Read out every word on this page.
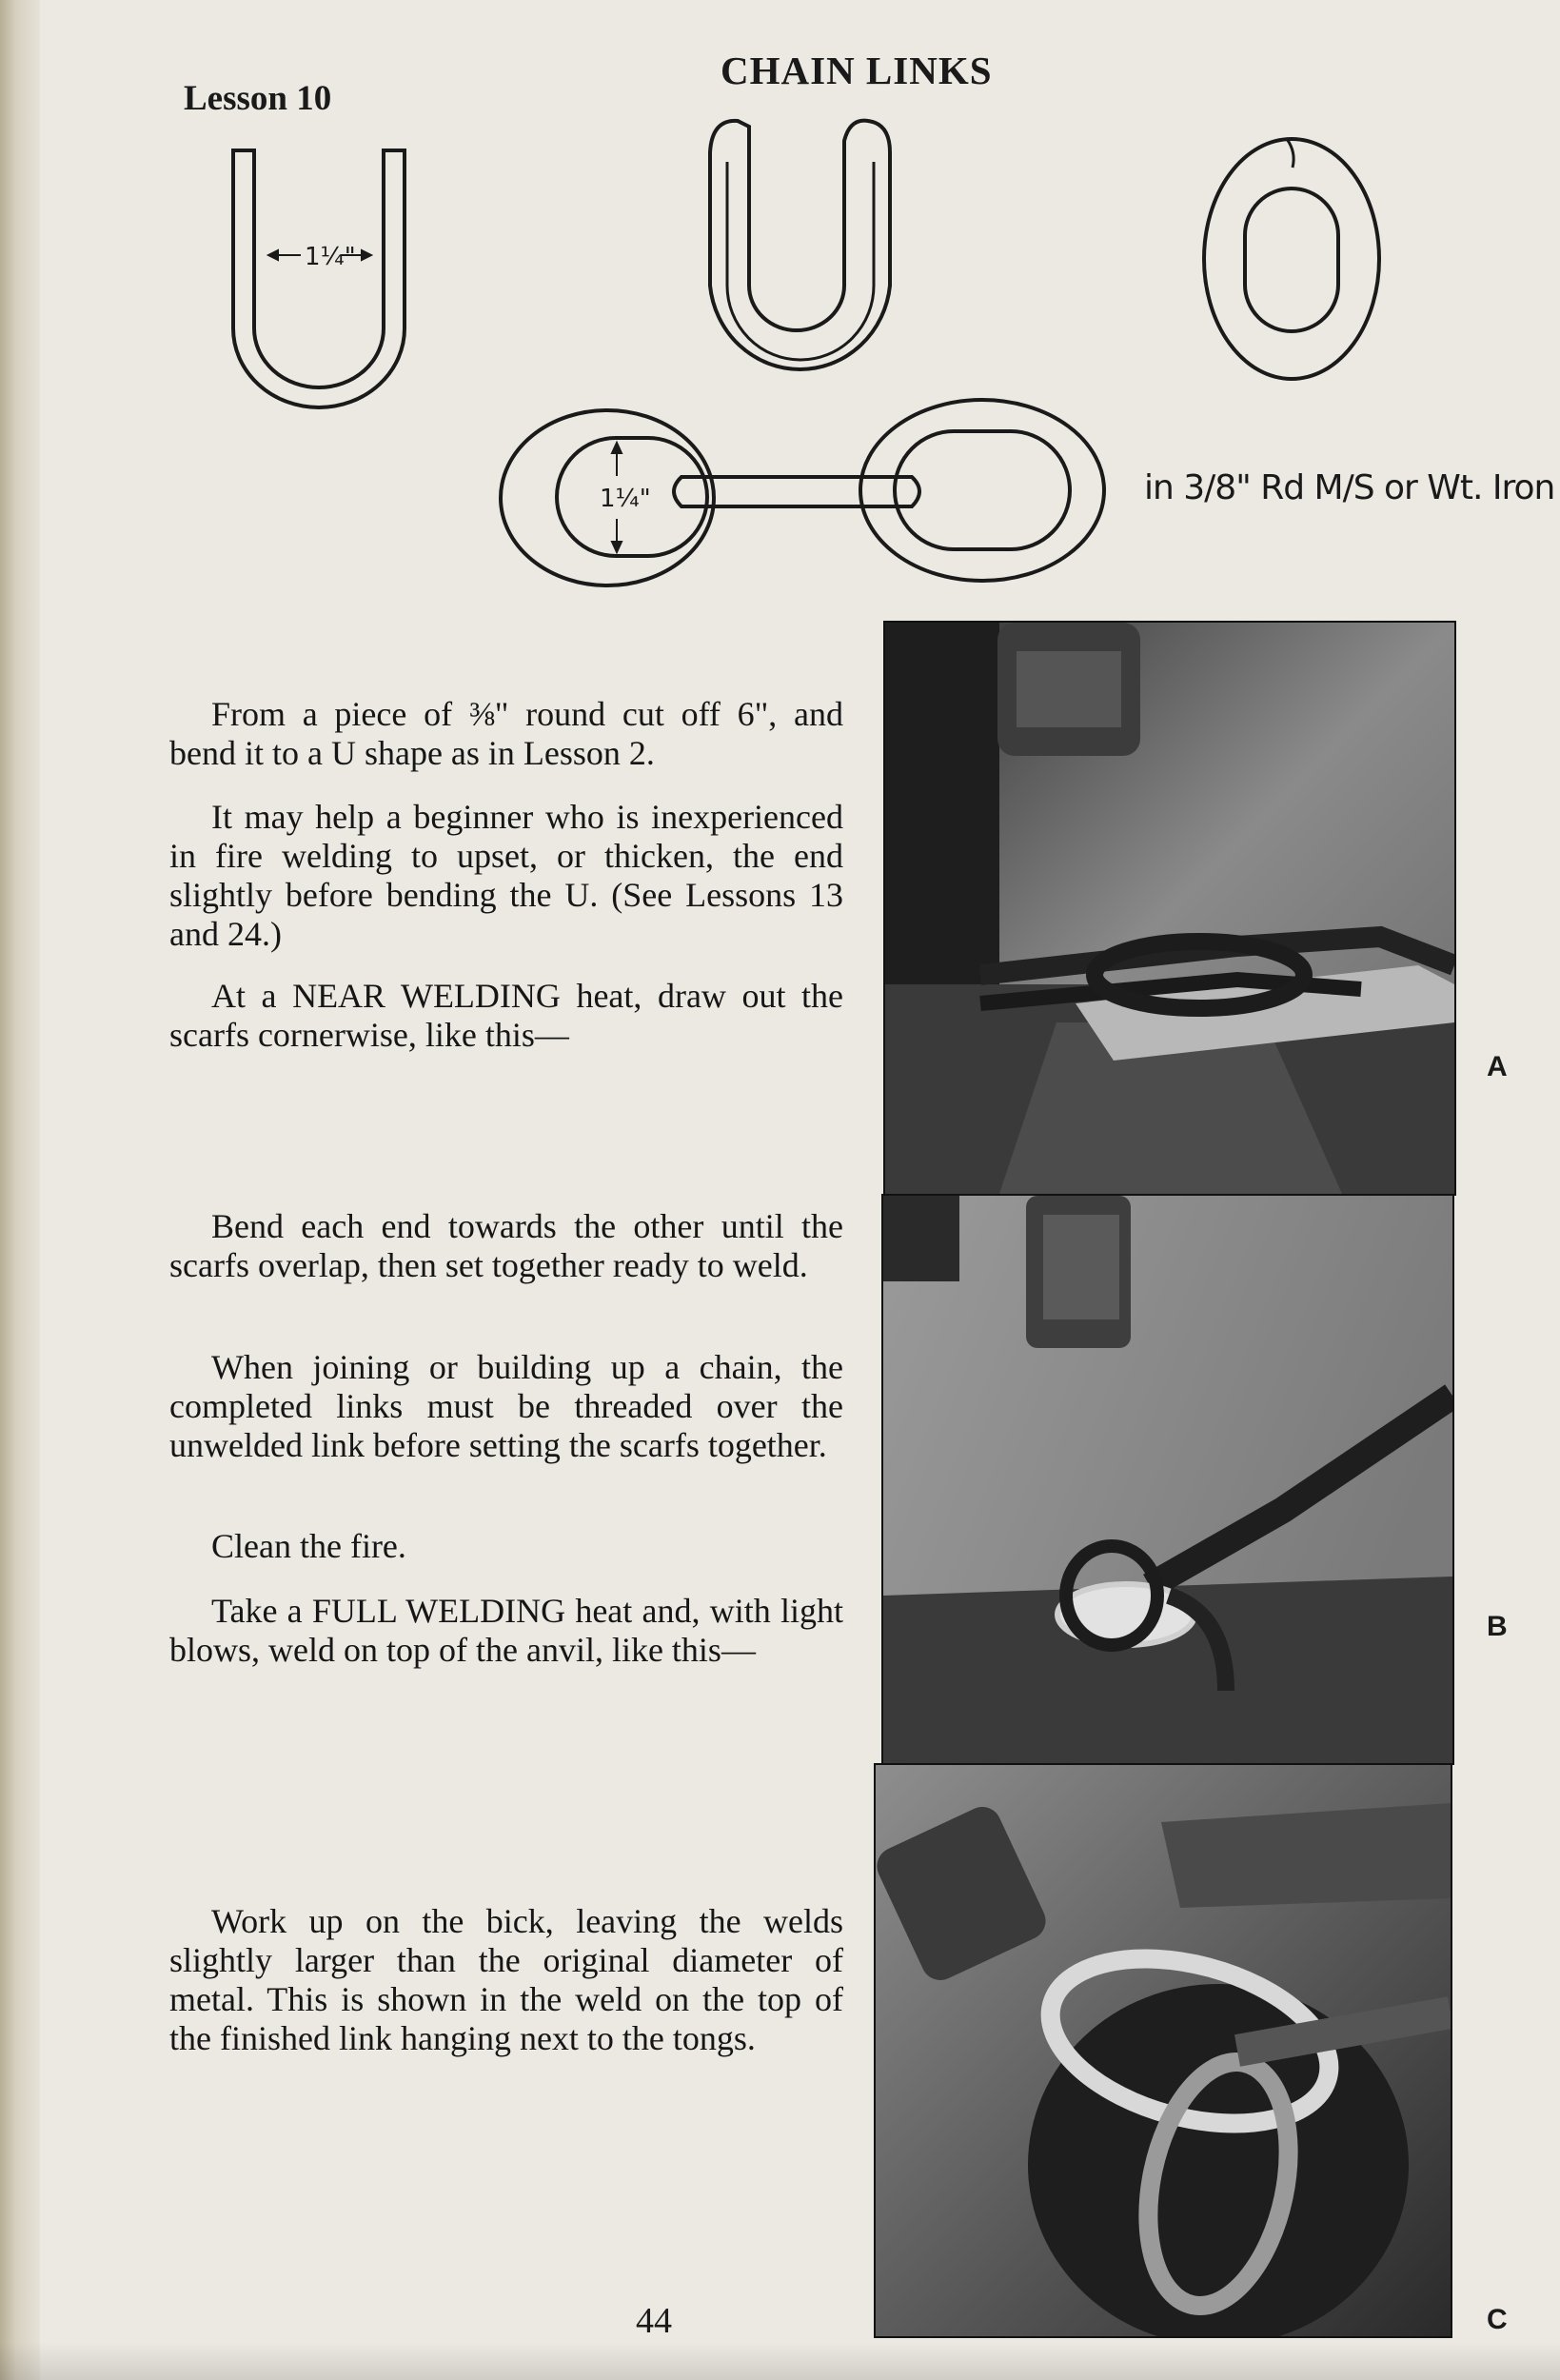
Lesson 10
CHAIN LINKS
1¼"
1¼"	in 3/8" Rd M/S or Wt. Iron

From a piece of ⅜" round cut off 6", and bend it to a U shape as in Lesson 2.

It may help a beginner who is inexperienced in fire welding to upset, or thicken, the end slightly before bending the U. (See Lessons 13 and 24.)

At a NEAR WELDING heat, draw out the scarfs cornerwise, like this—

Bend each end towards the other until the scarfs overlap, then set together ready to weld.

When joining or building up a chain, the completed links must be threaded over the unwelded link before setting the scarfs together.

Clean the fire.

Take a FULL WELDING heat and, with light blows, weld on top of the anvil, like this—

Work up on the bick, leaving the welds slightly larger than the original diameter of metal. This is shown in the weld on the top of the finished link hanging next to the tongs.

A
B
C
44
